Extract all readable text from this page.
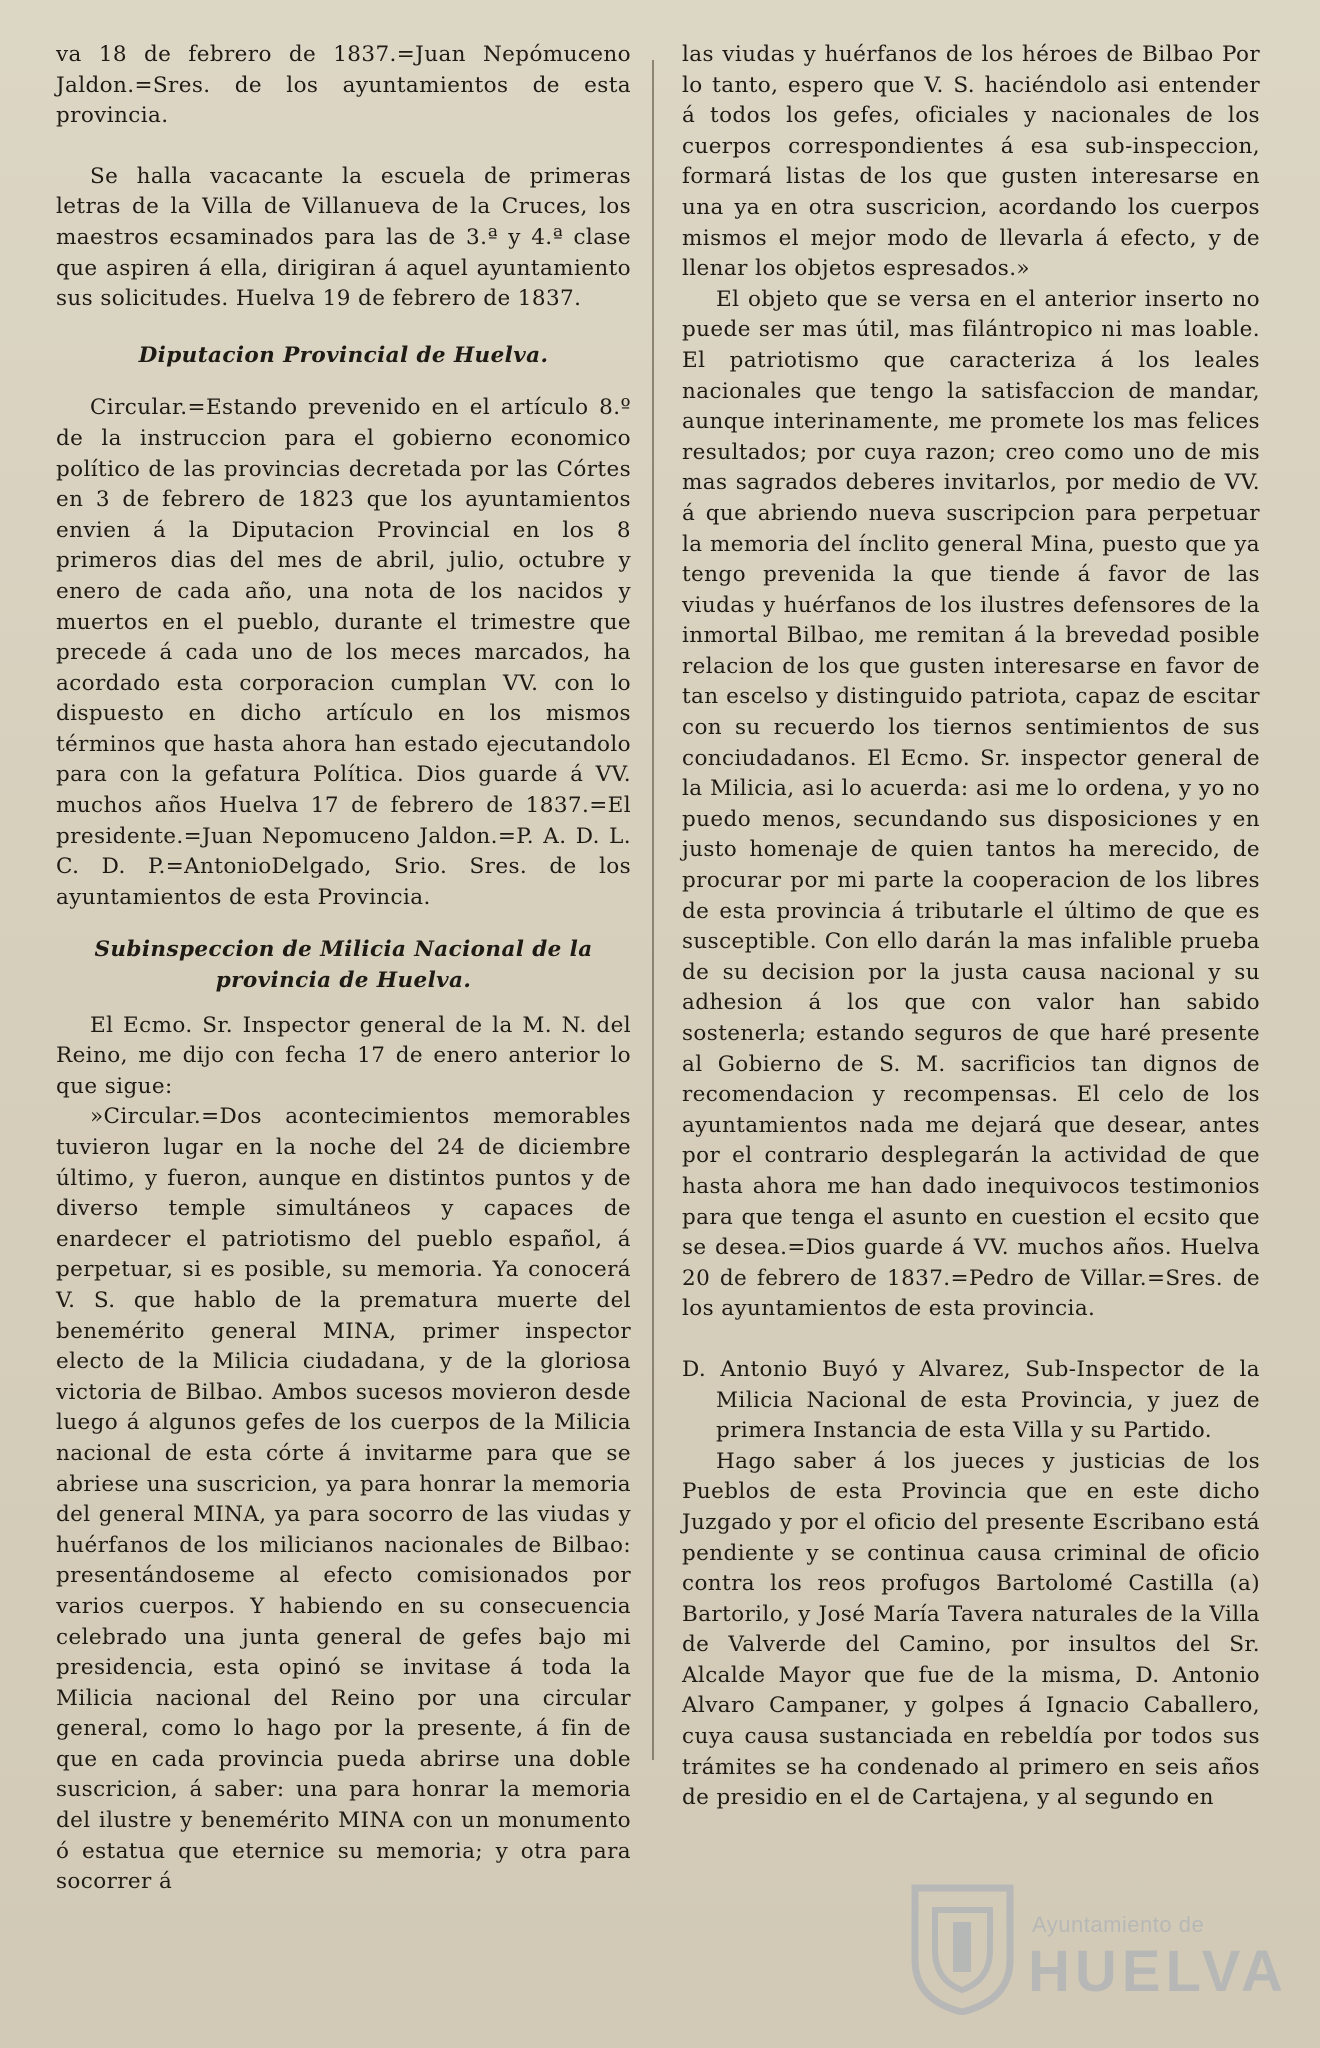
va 18 de febrero de 1837.=Juan Nepómuceno Jaldon.=Sres. de los ayuntamientos de esta provincia.

Se halla vacacante la escuela de primeras letras de la Villa de Villanueva de la Cruces, los maestros ecsaminados para las de 3.ª y 4.ª clase que aspiren á ella, dirigiran á aquel ayuntamiento sus solicitudes. Huelva 19 de febrero de 1837.

Diputacion Provincial de Huelva.

Circular.=Estando prevenido en el artículo 8.º de la instruccion para el gobierno economico político de las provincias decretada por las Córtes en 3 de febrero de 1823 que los ayuntamientos envien á la Diputacion Provincial en los 8 primeros dias del mes de abril, julio, octubre y enero de cada año, una nota de los nacidos y muertos en el pueblo, durante el trimestre que precede á cada uno de los meces marcados, ha acordado esta corporacion cumplan VV. con lo dispuesto en dicho artículo en los mismos términos que hasta ahora han estado ejecutandolo para con la gefatura Política. Dios guarde á VV. muchos años Huelva 17 de febrero de 1837.=El presidente.=Juan Nepomuceno Jaldon.=P. A. D. L. C. D. P.=AntonioDelgado, Srio. Sres. de los ayuntamientos de esta Provincia.

Subinspeccion de Milicia Nacional de la provincia de Huelva.

El Ecmo. Sr. Inspector general de la M. N. del Reino, me dijo con fecha 17 de enero anterior lo que sigue:

»Circular.=Dos acontecimientos memorables tuvieron lugar en la noche del 24 de diciembre último, y fueron, aunque en distintos puntos y de diverso temple simultáneos y capaces de enardecer el patriotismo del pueblo español, á perpetuar, si es posible, su memoria. Ya conocerá V. S. que hablo de la prematura muerte del benemérito general MINA, primer inspector electo de la Milicia ciudadana, y de la gloriosa victoria de Bilbao. Ambos sucesos movieron desde luego á algunos gefes de los cuerpos de la Milicia nacional de esta córte á invitarme para que se abriese una suscricion, ya para honrar la memoria del general MINA, ya para socorro de las viudas y huérfanos de los milicianos nacionales de Bilbao: presentándoseme al efecto comisionados por varios cuerpos. Y habiendo en su consecuencia celebrado una junta general de gefes bajo mi presidencia, esta opinó se invitase á toda la Milicia nacional del Reino por una circular general, como lo hago por la presente, á fin de que en cada provincia pueda abrirse una doble suscricion, á saber: una para honrar la memoria del ilustre y benemérito MINA con un monumento ó estatua que eternice su memoria; y otra para socorrer á

las viudas y huérfanos de los héroes de Bilbao Por lo tanto, espero que V. S. haciéndolo asi entender á todos los gefes, oficiales y nacionales de los cuerpos correspondientes á esa sub-inspeccion, formará listas de los que gusten interesarse en una ya en otra suscricion, acordando los cuerpos mismos el mejor modo de llevarla á efecto, y de llenar los objetos espresados.»

El objeto que se versa en el anterior inserto no puede ser mas útil, mas filántropico ni mas loable. El patriotismo que caracteriza á los leales nacionales que tengo la satisfaccion de mandar, aunque interinamente, me promete los mas felices resultados; por cuya razon; creo como uno de mis mas sagrados deberes invitarlos, por medio de VV. á que abriendo nueva suscripcion para perpetuar la memoria del ínclito general Mina, puesto que ya tengo prevenida la que tiende á favor de las viudas y huérfanos de los ilustres defensores de la inmortal Bilbao, me remitan á la brevedad posible relacion de los que gusten interesarse en favor de tan escelso y distinguido patriota, capaz de escitar con su recuerdo los tiernos sentimientos de sus conciudadanos. El Ecmo. Sr. inspector general de la Milicia, asi lo acuerda: asi me lo ordena, y yo no puedo menos, secundando sus disposiciones y en justo homenaje de quien tantos ha merecido, de procurar por mi parte la cooperacion de los libres de esta provincia á tributarle el último de que es susceptible. Con ello darán la mas infalible prueba de su decision por la justa causa nacional y su adhesion á los que con valor han sabido sostenerla; estando seguros de que haré presente al Gobierno de S. M. sacrificios tan dignos de recomendacion y recompensas. El celo de los ayuntamientos nada me dejará que desear, antes por el contrario desplegarán la actividad de que hasta ahora me han dado inequivocos testimonios para que tenga el asunto en cuestion el ecsito que se desea.=Dios guarde á VV. muchos años. Huelva 20 de febrero de 1837.=Pedro de Villar.=Sres. de los ayuntamientos de esta provincia.

D. Antonio Buyó y Alvarez, Sub-Inspector de la Milicia Nacional de esta Provincia, y juez de primera Instancia de esta Villa y su Partido.

Hago saber á los jueces y justicias de los Pueblos de esta Provincia que en este dicho Juzgado y por el oficio del presente Escribano está pendiente y se continua causa criminal de oficio contra los reos profugos Bartolomé Castilla (a) Bartorilo, y José María Tavera naturales de la Villa de Valverde del Camino, por insultos del Sr. Alcalde Mayor que fue de la misma, D. Antonio Alvaro Campaner, y golpes á Ignacio Caballero, cuya causa sustanciada en rebeldía por todos sus trámites se ha condenado al primero en seis años de presidio en el de Cartajena, y al segundo en

Ayuntamiento de
HUELVA
